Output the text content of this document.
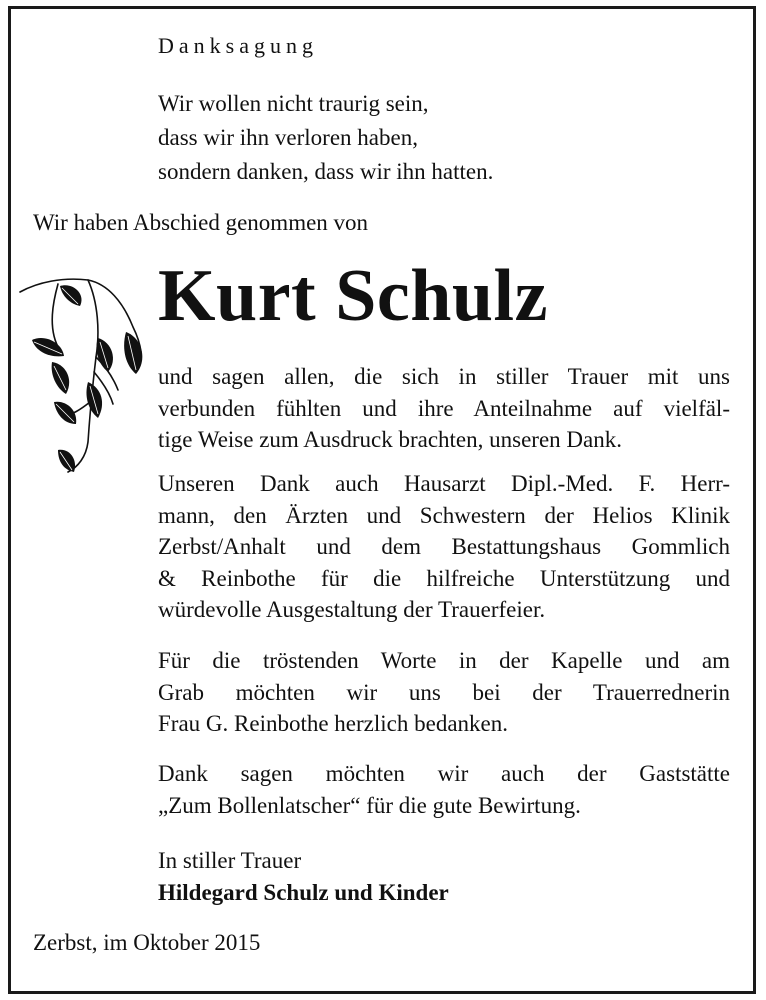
Danksagung
Wir wollen nicht traurig sein,
dass wir ihn verloren haben,
sondern danken, dass wir ihn hatten.
Wir haben Abschied genommen von
Kurt Schulz
und sagen allen, die sich in stiller Trauer mit uns
verbunden fühlten und ihre Anteilnahme auf vielfäl-
tige Weise zum Ausdruck brachten, unseren Dank.
Unseren Dank auch Hausarzt Dipl.-Med. F. Herr-
mann, den Ärzten und Schwestern der Helios Klinik
Zerbst/Anhalt und dem Bestattungshaus Gommlich
& Reinbothe für die hilfreiche Unterstützung und
würdevolle Ausgestaltung der Trauerfeier.
Für die tröstenden Worte in der Kapelle und am
Grab möchten wir uns bei der Trauerrednerin
Frau G. Reinbothe herzlich bedanken.
Dank sagen möchten wir auch der Gaststätte
„Zum Bollenlatscher“ für die gute Bewirtung.
In stiller Trauer
Hildegard Schulz und Kinder
Zerbst, im Oktober 2015
